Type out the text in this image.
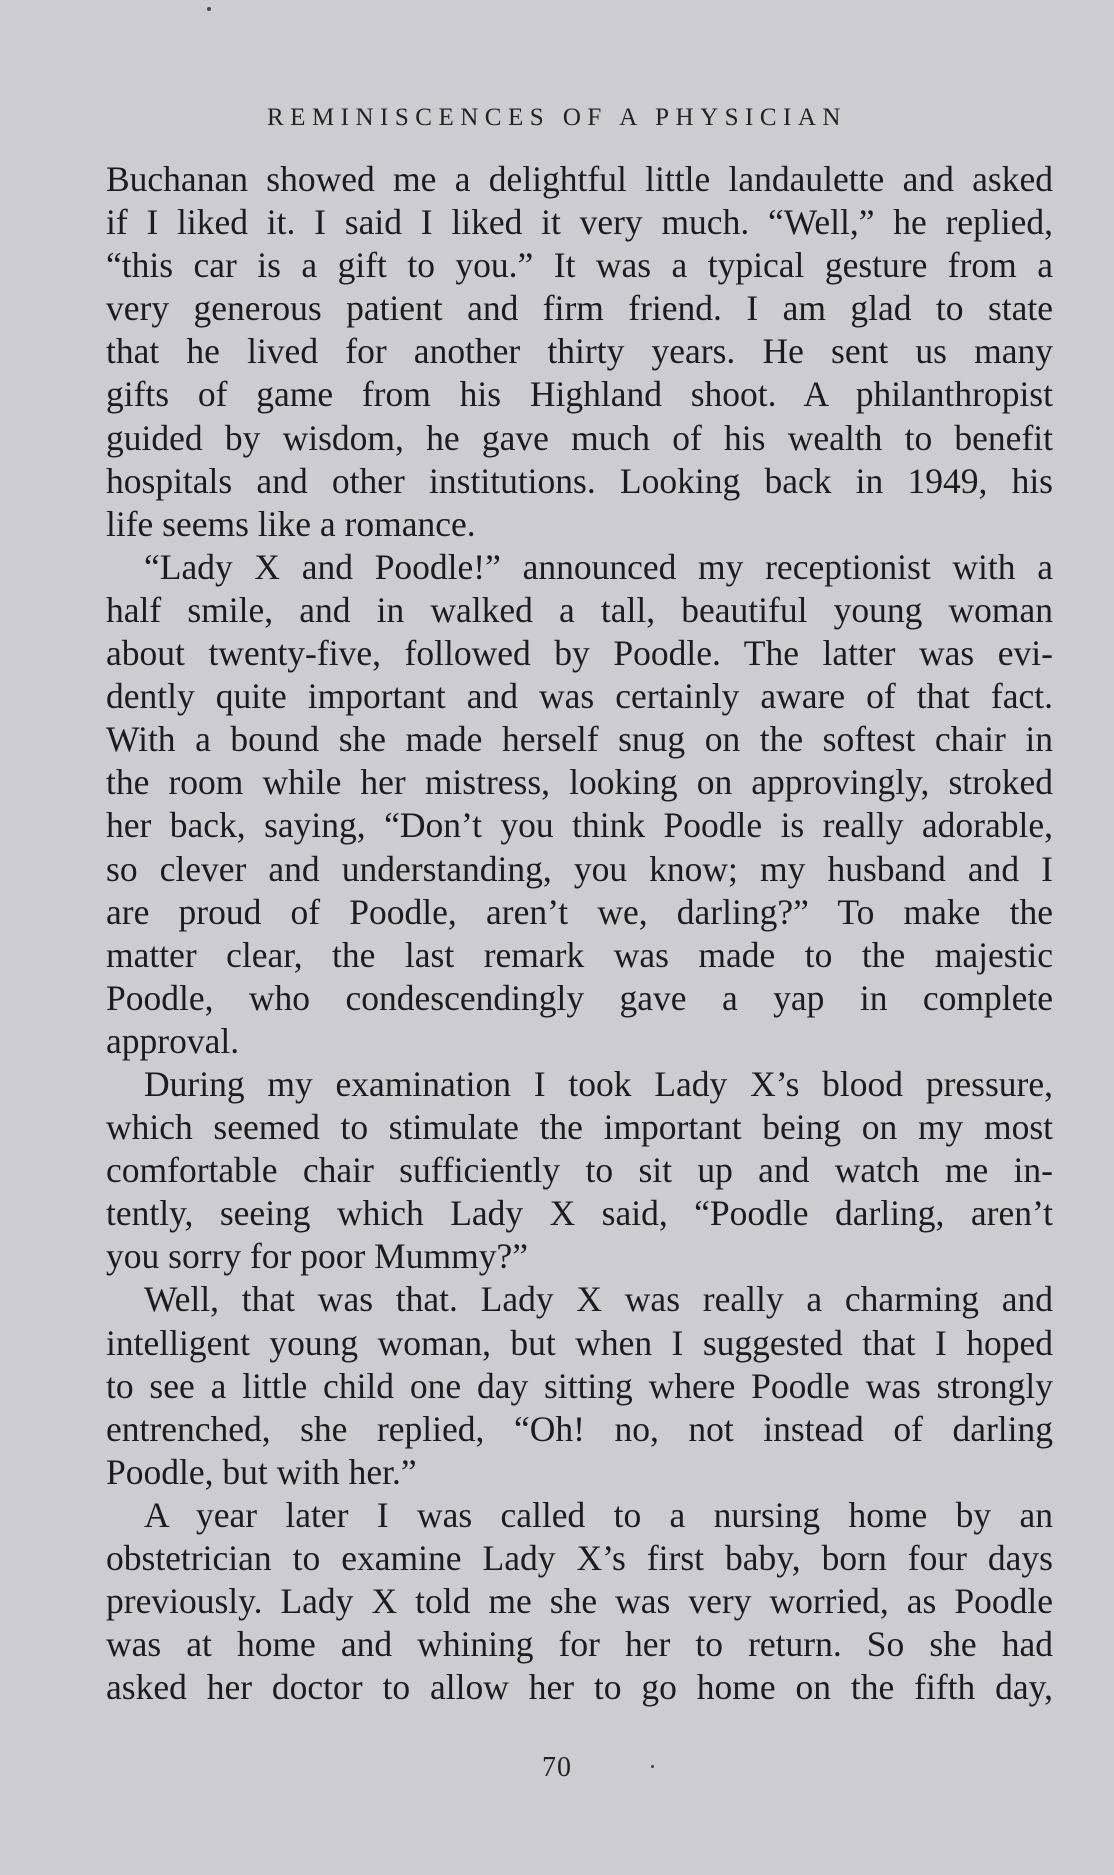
REMINISCENCES OF A PHYSICIAN
Buchanan showed me a delightful little landaulette and asked
if I liked it. I said I liked it very much. “Well,” he replied,
“this car is a gift to you.” It was a typical gesture from a
very generous patient and firm friend. I am glad to state
that he lived for another thirty years. He sent us many
gifts of game from his Highland shoot. A philanthropist
guided by wisdom, he gave much of his wealth to benefit
hospitals and other institutions. Looking back in 1949, his
life seems like a romance.
“Lady X and Poodle!” announced my receptionist with a
half smile, and in walked a tall, beautiful young woman
about twenty-five, followed by Poodle. The latter was evi-
dently quite important and was certainly aware of that fact.
With a bound she made herself snug on the softest chair in
the room while her mistress, looking on approvingly, stroked
her back, saying, “Don’t you think Poodle is really adorable,
so clever and understanding, you know; my husband and I
are proud of Poodle, aren’t we, darling?” To make the
matter clear, the last remark was made to the majestic
Poodle, who condescendingly gave a yap in complete
approval.
During my examination I took Lady X’s blood pressure,
which seemed to stimulate the important being on my most
comfortable chair sufficiently to sit up and watch me in-
tently, seeing which Lady X said, “Poodle darling, aren’t
you sorry for poor Mummy?”
Well, that was that. Lady X was really a charming and
intelligent young woman, but when I suggested that I hoped
to see a little child one day sitting where Poodle was strongly
entrenched, she replied, “Oh! no, not instead of darling
Poodle, but with her.”
A year later I was called to a nursing home by an
obstetrician to examine Lady X’s first baby, born four days
previously. Lady X told me she was very worried, as Poodle
was at home and whining for her to return. So she had
asked her doctor to allow her to go home on the fifth day,
70
